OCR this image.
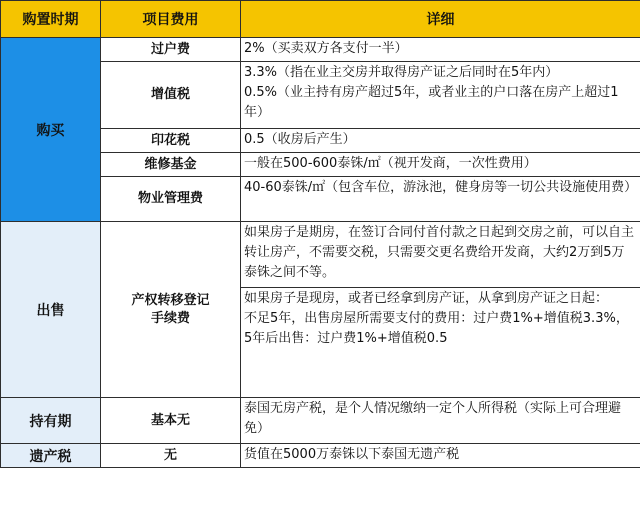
购置时期	项目费用	详细
购买	过户费	2%（买卖双方各支付一半）

	增值税	3.3%（指在业主交房并取得房产证之后同时在5年内）
0.5%（业主持有房产超过5年，或者业主的户口落在房产上超过1年）

	印花税	0.5（收房后产生）

	维修基金	一般在500-600泰铢/㎡（视开发商，一次性费用）

	物业管理费	40-60泰铢/㎡（包含车位，游泳池，健身房等一切公共设施使用费）

出售	产权转移登记
手续费	如果房子是期房，在签订合同付首付款之日起到交房之前，可以自主转让房产，不需要交税，只需要交更名费给开发商，大约2万到5万泰铢之间不等。

		如果房子是现房，或者已经拿到房产证，从拿到房产证之日起：
不足5年，出售房屋所需要支付的费用：过户费1%+增值税3.3%，
5年后出售：过户费1%+增值税0.5

持有期	基本无	泰国无房产税，是个人情况缴纳一定个人所得税（实际上可合理避免）

遗产税	无	货值在5000万泰铢以下泰国无遗产税
